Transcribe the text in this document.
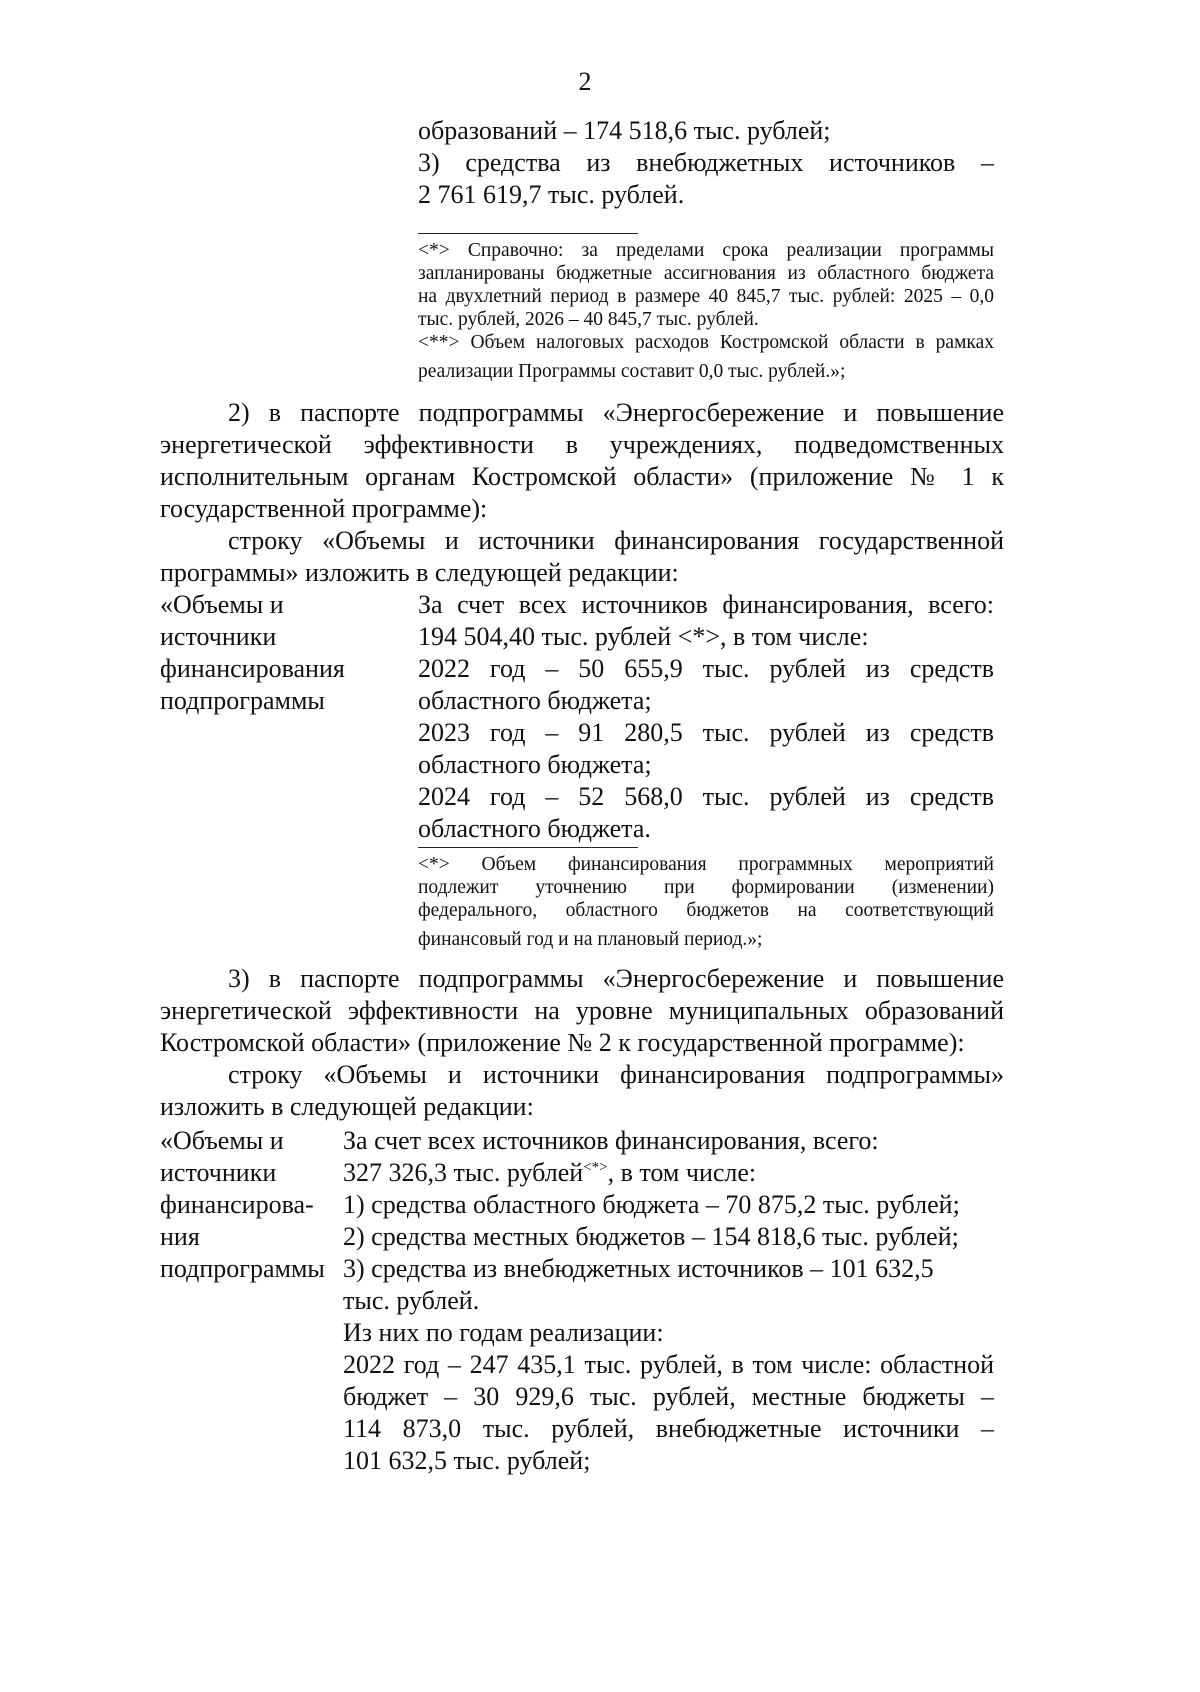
2
образований – 174 518,6 тыс. рублей;
3) средства из внебюджетных источников –
2 761 619,7 тыс. рублей.
<*> Справочно: за пределами срока реализации программы
запланированы бюджетные ассигнования из областного бюджета
на двухлетний период в размере 40 845,7 тыс. рублей: 2025 – 0,0
тыс. рублей, 2026 – 40 845,7 тыс. рублей.
<**> Объем налоговых расходов Костромской области в рамках
реализации Программы составит 0,0 тыс. рублей.»;
2) в паспорте подпрограммы «Энергосбережение и повышение
энергетической эффективности в учреждениях, подведомственных
исполнительным органам Костромской области» (приложение № 1 к
государственной программе):
строку «Объемы и источники финансирования государственной
программы» изложить в следующей редакции:
«Объемы и
источники
финансирования
подпрограммы
За счет всех источников финансирования, всего:
194 504,40 тыс. рублей <*>, в том числе:
2022 год – 50 655,9 тыс. рублей из средств
областного бюджета;
2023 год – 91 280,5 тыс. рублей из средств
областного бюджета;
2024 год – 52 568,0 тыс. рублей из средств
областного бюджета.
<*> Объем финансирования программных мероприятий
подлежит уточнению при формировании (изменении)
федерального, областного бюджетов на соответствующий
финансовый год и на плановый период.»;
3) в паспорте подпрограммы «Энергосбережение и повышение
энергетической эффективности на уровне муниципальных образований
Костромской области» (приложение № 2 к государственной программе):
строку «Объемы и источники финансирования подпрограммы»
изложить в следующей редакции:
«Объемы и
источники
финансирова-
ния
подпрограммы
За счет всех источников финансирования, всего:
327 326,3 тыс. рублей<*>, в том числе:
1) средства областного бюджета – 70 875,2 тыс. рублей;
2) средства местных бюджетов – 154 818,6 тыс. рублей;
3) средства из внебюджетных источников – 101 632,5
тыс. рублей.
Из них по годам реализации:
2022 год – 247 435,1 тыс. рублей, в том числе: областной
бюджет – 30 929,6 тыс. рублей, местные бюджеты –
114 873,0 тыс. рублей, внебюджетные источники –
101 632,5 тыс. рублей;
